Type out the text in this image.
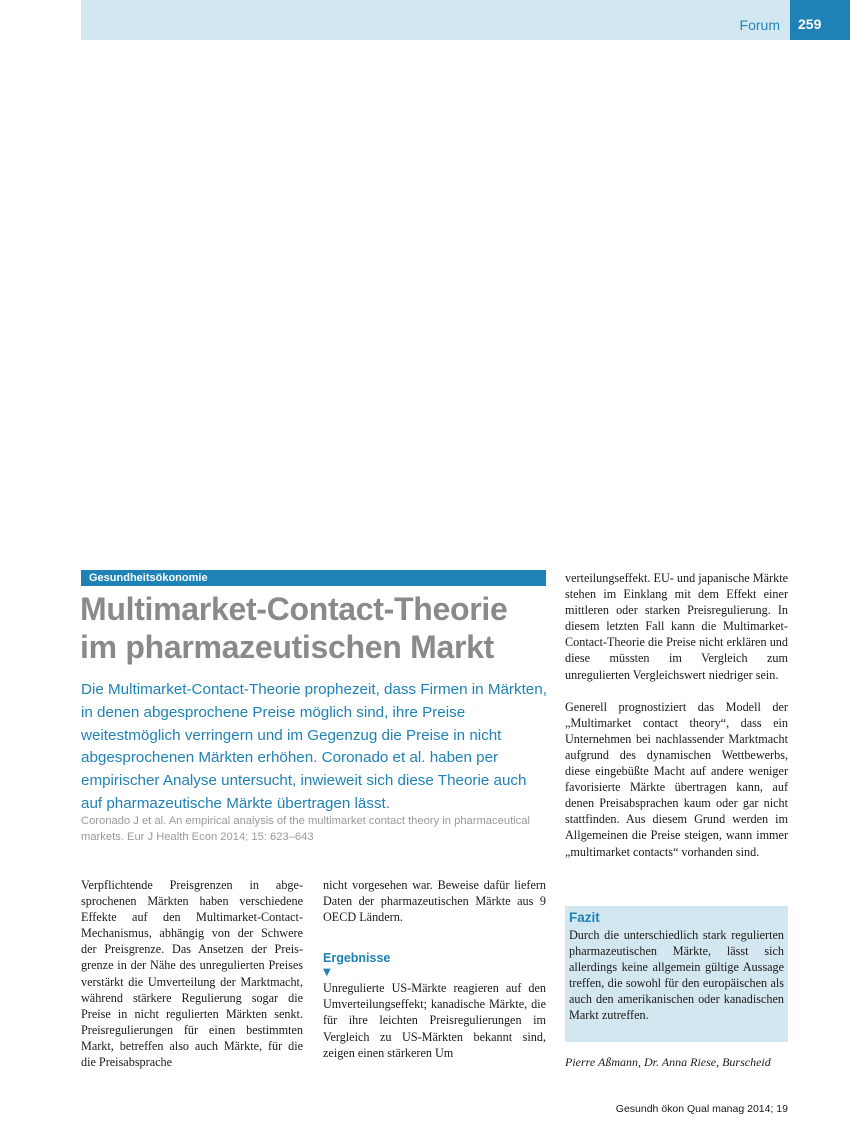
Forum 259
Gesundheitsökonomie
Multimarket-Contact-Theorie
im pharmazeutischen Markt

Die Multimarket-Contact-Theorie prophezeit, dass Firmen in Märkten, in denen abgesprochene Preise möglich sind, ihre Preise weitestmöglich verringern und im Gegenzug die Preise in nicht abgesprochenen Märkten erhöhen. Coronado et al. haben per empirischer Analyse untersucht, inwieweit sich diese Theorie auch auf pharmazeutische Märkte übertragen lässt.

Coronado J et al. An empirical analysis of the multimarket contact theory in pharmaceutical markets. Eur J Health Econ 2014; 15: 623–643

Verpflichtende Preisgrenzen in abgesprochenen Märkten haben verschiedene Effekte auf den Multimarket-Contact-Mechanismus, abhängig von der Schwere der Preisgrenze. Das Ansetzen der Preisgrenze in der Nähe des unregulierten Preises verstärkt die Umverteilung der Marktmacht, während stärkere Regulierung sogar die Preise in nicht regulierten Märkten senkt. Preisregulierungen für einen bestimmten Markt, betreffen also auch Märkte, für die die Preisabsprache

nicht vorgesehen war. Beweise dafür liefern Daten der pharmazeutischen Märkte aus 9 OECD Ländern.

Ergebnisse
▼

Unregulierte US-Märkte reagieren auf den Umverteilungseffekt; kanadische Märkte, die für ihre leichten Preisregulierungen im Vergleich zu US-Märkten bekannt sind, zeigen einen stärkeren Um

verteilungseffekt. EU- und japanische Märkte stehen im Einklang mit dem Effekt einer mittleren oder starken Preisregulierung. In diesem letzten Fall kann die Multimarket-Contact-Theorie die Preise nicht erklären und diese müssten im Vergleich zum unregulierten Vergleichswert niedriger sein.

Generell prognostiziert das Modell der „Multimarket contact theory“, dass ein Unternehmen bei nachlassender Marktmacht aufgrund des dynamischen Wettbewerbs, diese eingebüßte Macht auf andere weniger favorisierte Märkte übertragen kann, auf denen Preisabsprachen kaum oder gar nicht stattfinden. Aus diesem Grund werden im Allgemeinen die Preise steigen, wann immer „multimarket contacts“ vorhanden sind.

Fazit

Durch die unterschiedlich stark regulierten pharmazeutischen Märkte, lässt sich allerdings keine allgemein gültige Aussage treffen, die sowohl für den europäischen als auch den amerikanischen oder kanadischen Markt zutreffen.

Pierre Aßmann, Dr. Anna Riese, Burscheid
Gesundh ökon Qual manag 2014; 19
